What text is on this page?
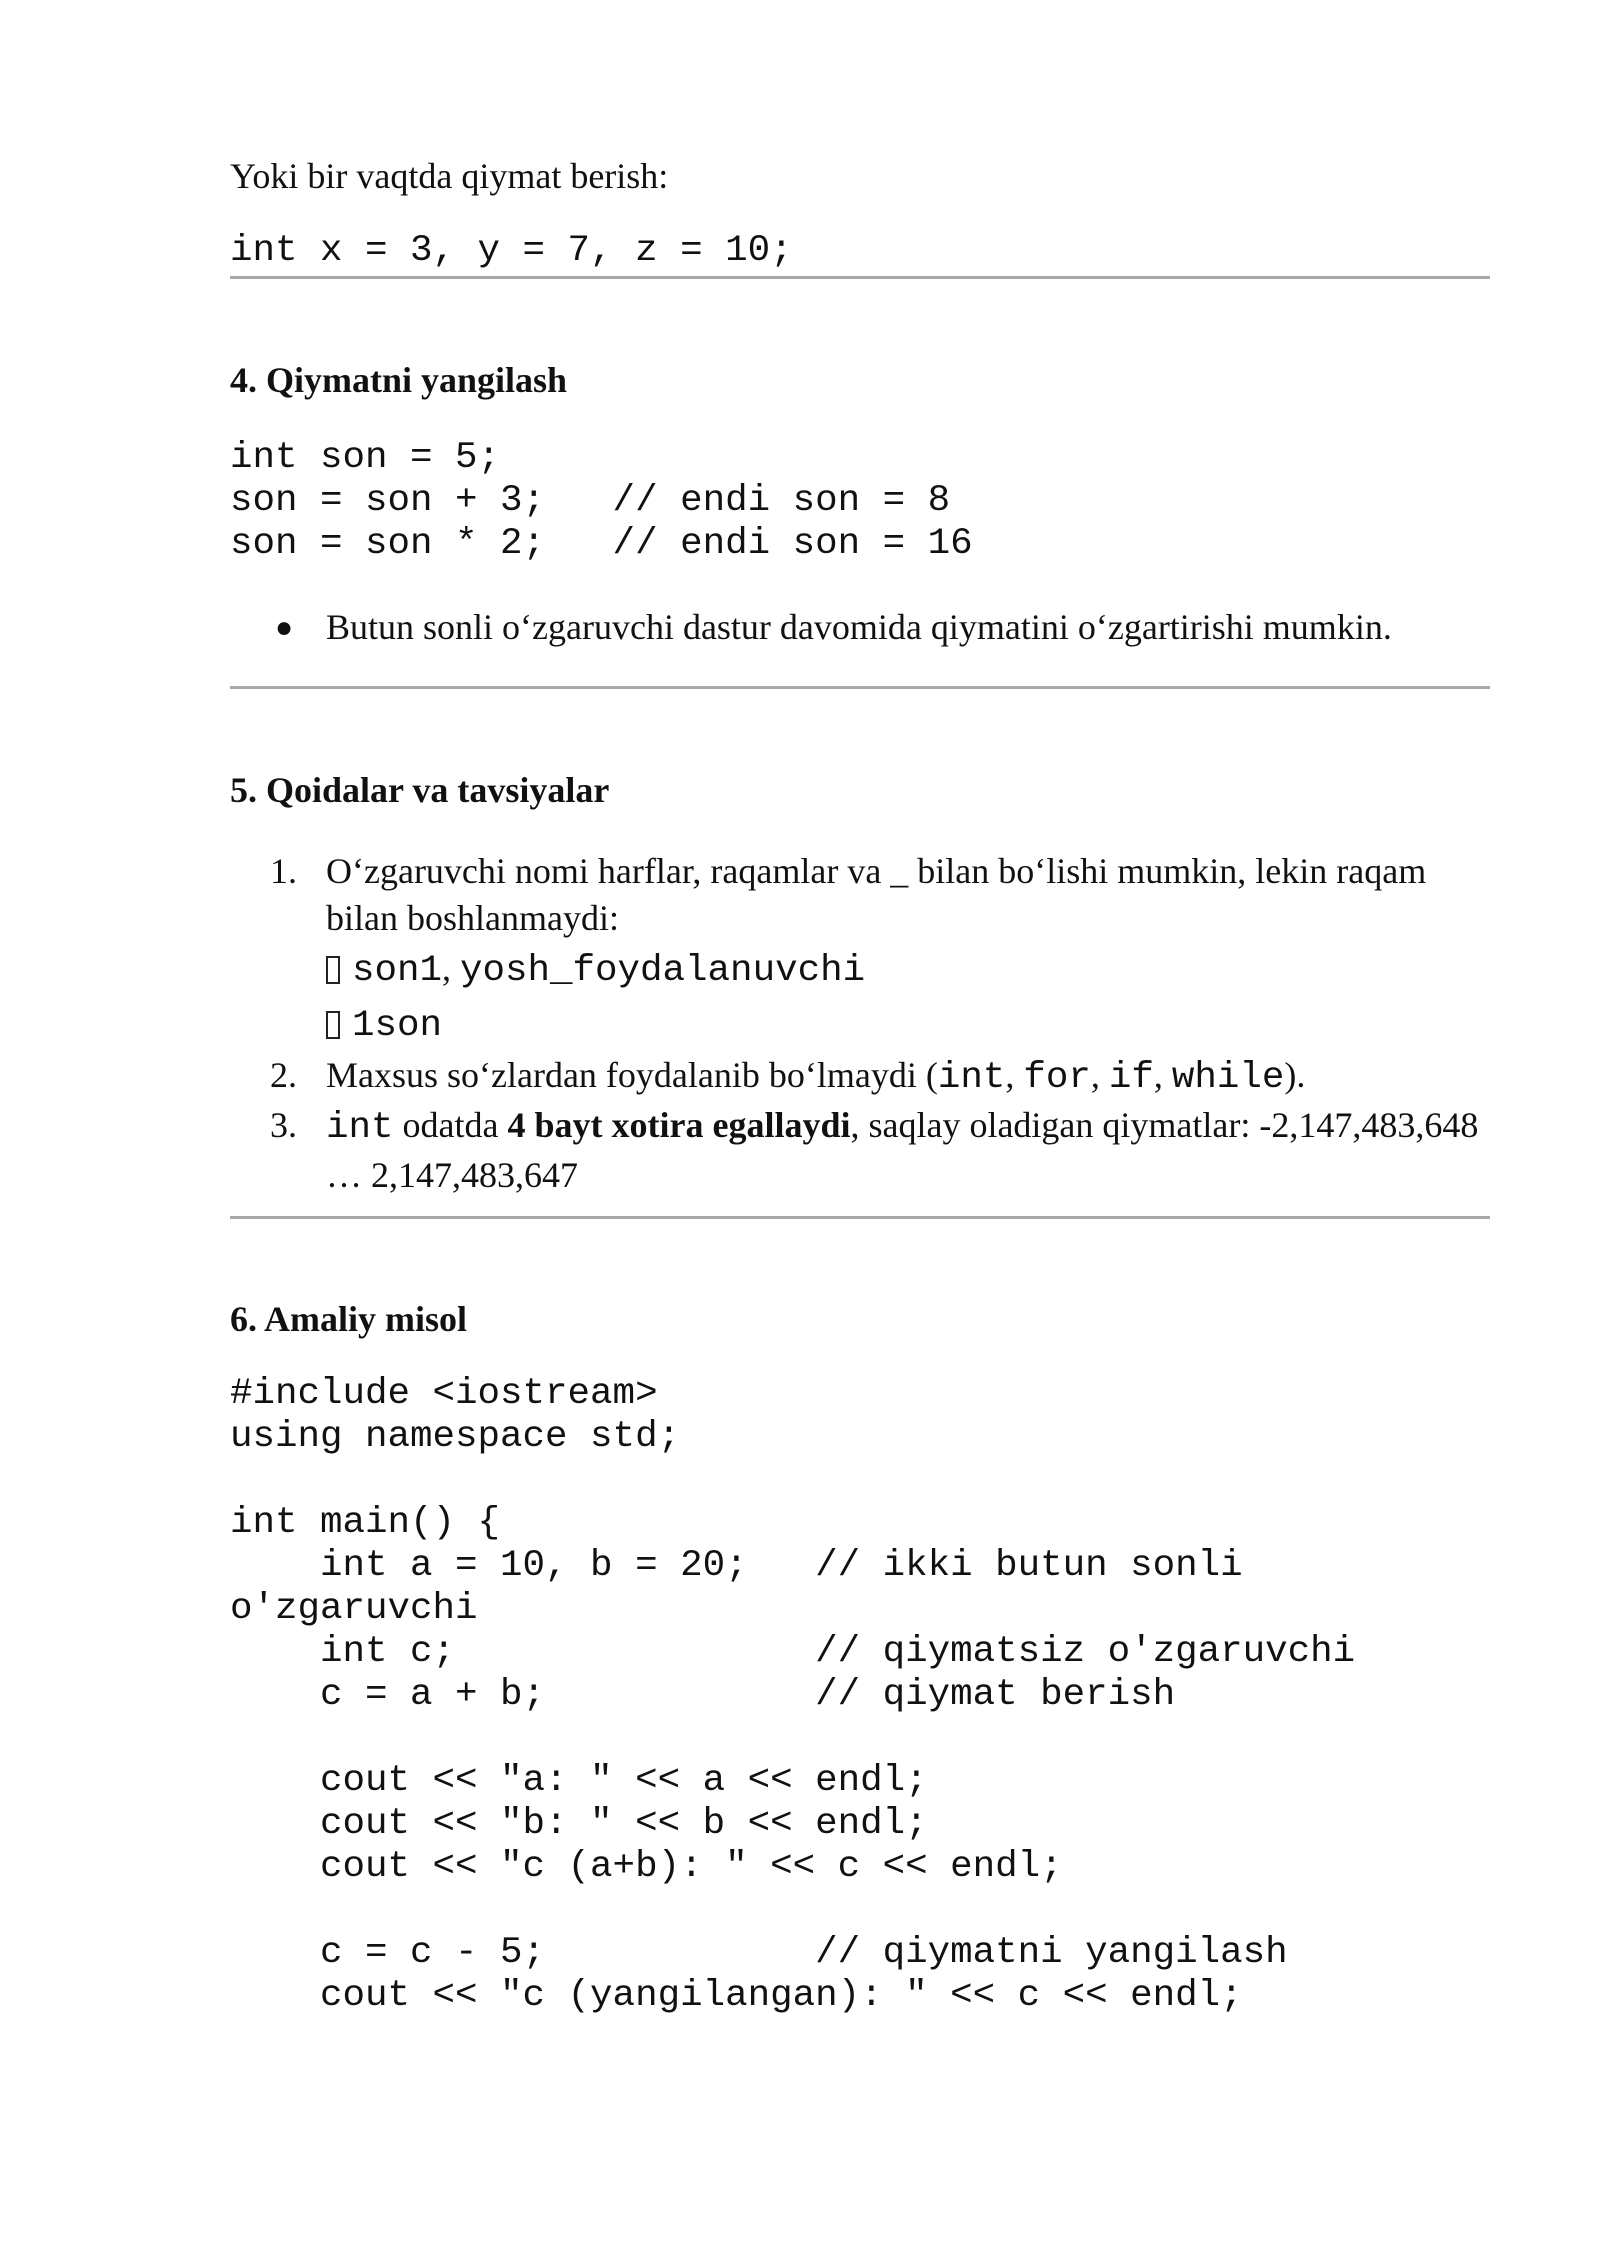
Yoki bir vaqtda qiymat berish:

int x = 3, y = 7, z = 10;
4. Qiymatni yangilash
int son = 5;
son = son + 3;   // endi son = 8
son = son * 2;   // endi son = 16
● Butun sonli o‘zgaruvchi dastur davomida qiymatini o‘zgartirishi mumkin.
5. Qoidalar va tavsiyalar
1. O‘zgaruvchi nomi harflar, raqamlar va _ bilan bo‘lishi mumkin, lekin raqam bilan boshlanmaydi:
son1, yosh_foydalanuvchi
1son
2. Maxsus so‘zlardan foydalanib bo‘lmaydi (int, for, if, while).
3. int odatda 4 bayt xotira egallaydi, saqlay oladigan qiymatlar: -2,147,483,648 … 2,147,483,647
6. Amaliy misol
#include <iostream>
using namespace std;

int main() {
int a = 10, b = 20;   // ikki butun sonli
o'zgaruvchi
int c;                // qiymatsiz o'zgaruvchi
c = a + b;            // qiymat berish

cout << "a: " << a << endl;
cout << "b: " << b << endl;
cout << "c (a+b): " << c << endl;

c = c - 5;            // qiymatni yangilash
cout << "c (yangilangan): " << c << endl;
